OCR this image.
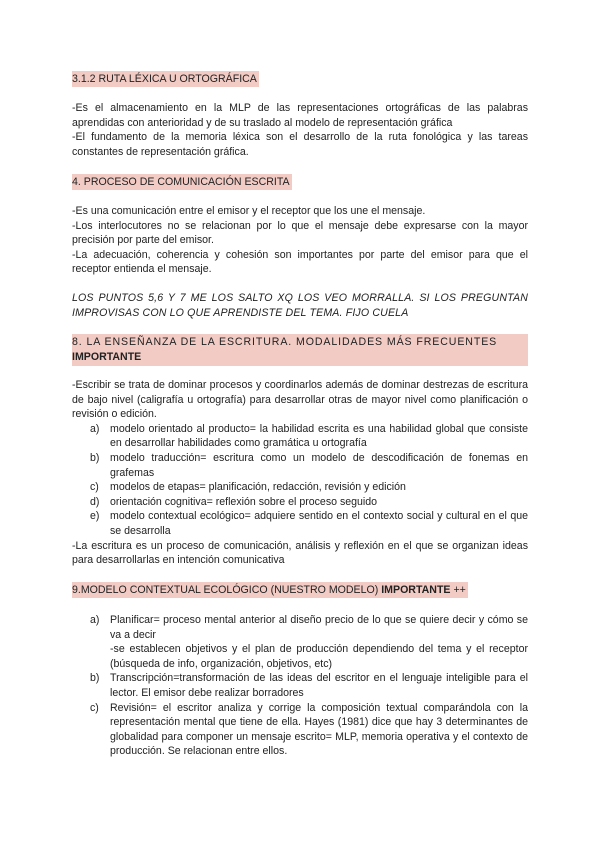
3.1.2 RUTA LÉXICA U ORTOGRÁFICA

-Es el almacenamiento en la MLP de las representaciones ortográficas de las palabras aprendidas con anterioridad y de su traslado al modelo de representación gráfica

-El fundamento de la memoria léxica son el desarrollo de la ruta fonológica y las tareas constantes de representación gráfica.

4. PROCESO DE COMUNICACIÓN ESCRITA

-Es una comunicación entre el emisor y el receptor que los une el mensaje.

-Los interlocutores no se relacionan por lo que el mensaje debe expresarse con la mayor precisión por parte del emisor.

-La adecuación, coherencia y cohesión son importantes por parte del emisor para que el receptor entienda el mensaje.

LOS PUNTOS 5,6 Y 7 ME LOS SALTO XQ LOS VEO MORRALLA. SI LOS PREGUNTAN IMPROVISAS CON LO QUE APRENDISTE DEL TEMA. FIJO CUELA

8. LA ENSEÑANZA DE LA ESCRITURA. MODALIDADES MÁS FRECUENTES
IMPORTANTE

-Escribir se trata de dominar procesos y coordinarlos además de dominar destrezas de escritura de bajo nivel (caligrafía u ortografía) para desarrollar otras de mayor nivel como planificación o revisión o edición.

a) modelo orientado al producto= la habilidad escrita es una habilidad global que consiste en desarrollar habilidades como gramática u ortografía
b) modelo traducción= escritura como un modelo de descodificación de fonemas en grafemas
c) modelos de etapas= planificación, redacción, revisión y edición
d) orientación cognitiva= reflexión sobre el proceso seguido
e) modelo contextual ecológico= adquiere sentido en el contexto social y cultural en el que se desarrolla

-La escritura es un proceso de comunicación, análisis y reflexión en el que se organizan ideas para desarrollarlas en intención comunicativa

9.MODELO CONTEXTUAL ECOLÓGICO (NUESTRO MODELO) IMPORTANTE ++
a) Planificar= proceso mental anterior al diseño precio de lo que se quiere decir y cómo se va a decir
-se establecen objetivos y el plan de producción dependiendo del tema y el receptor (búsqueda de info, organización, objetivos, etc)
b) Transcripción=transformación de las ideas del escritor en el lenguaje inteligible para el lector. El emisor debe realizar borradores
c) Revisión= el escritor analiza y corrige la composición textual comparándola con la representación mental que tiene de ella. Hayes (1981) dice que hay 3 determinantes de globalidad para componer un mensaje escrito= MLP, memoria operativa y el contexto de producción. Se relacionan entre ellos.
